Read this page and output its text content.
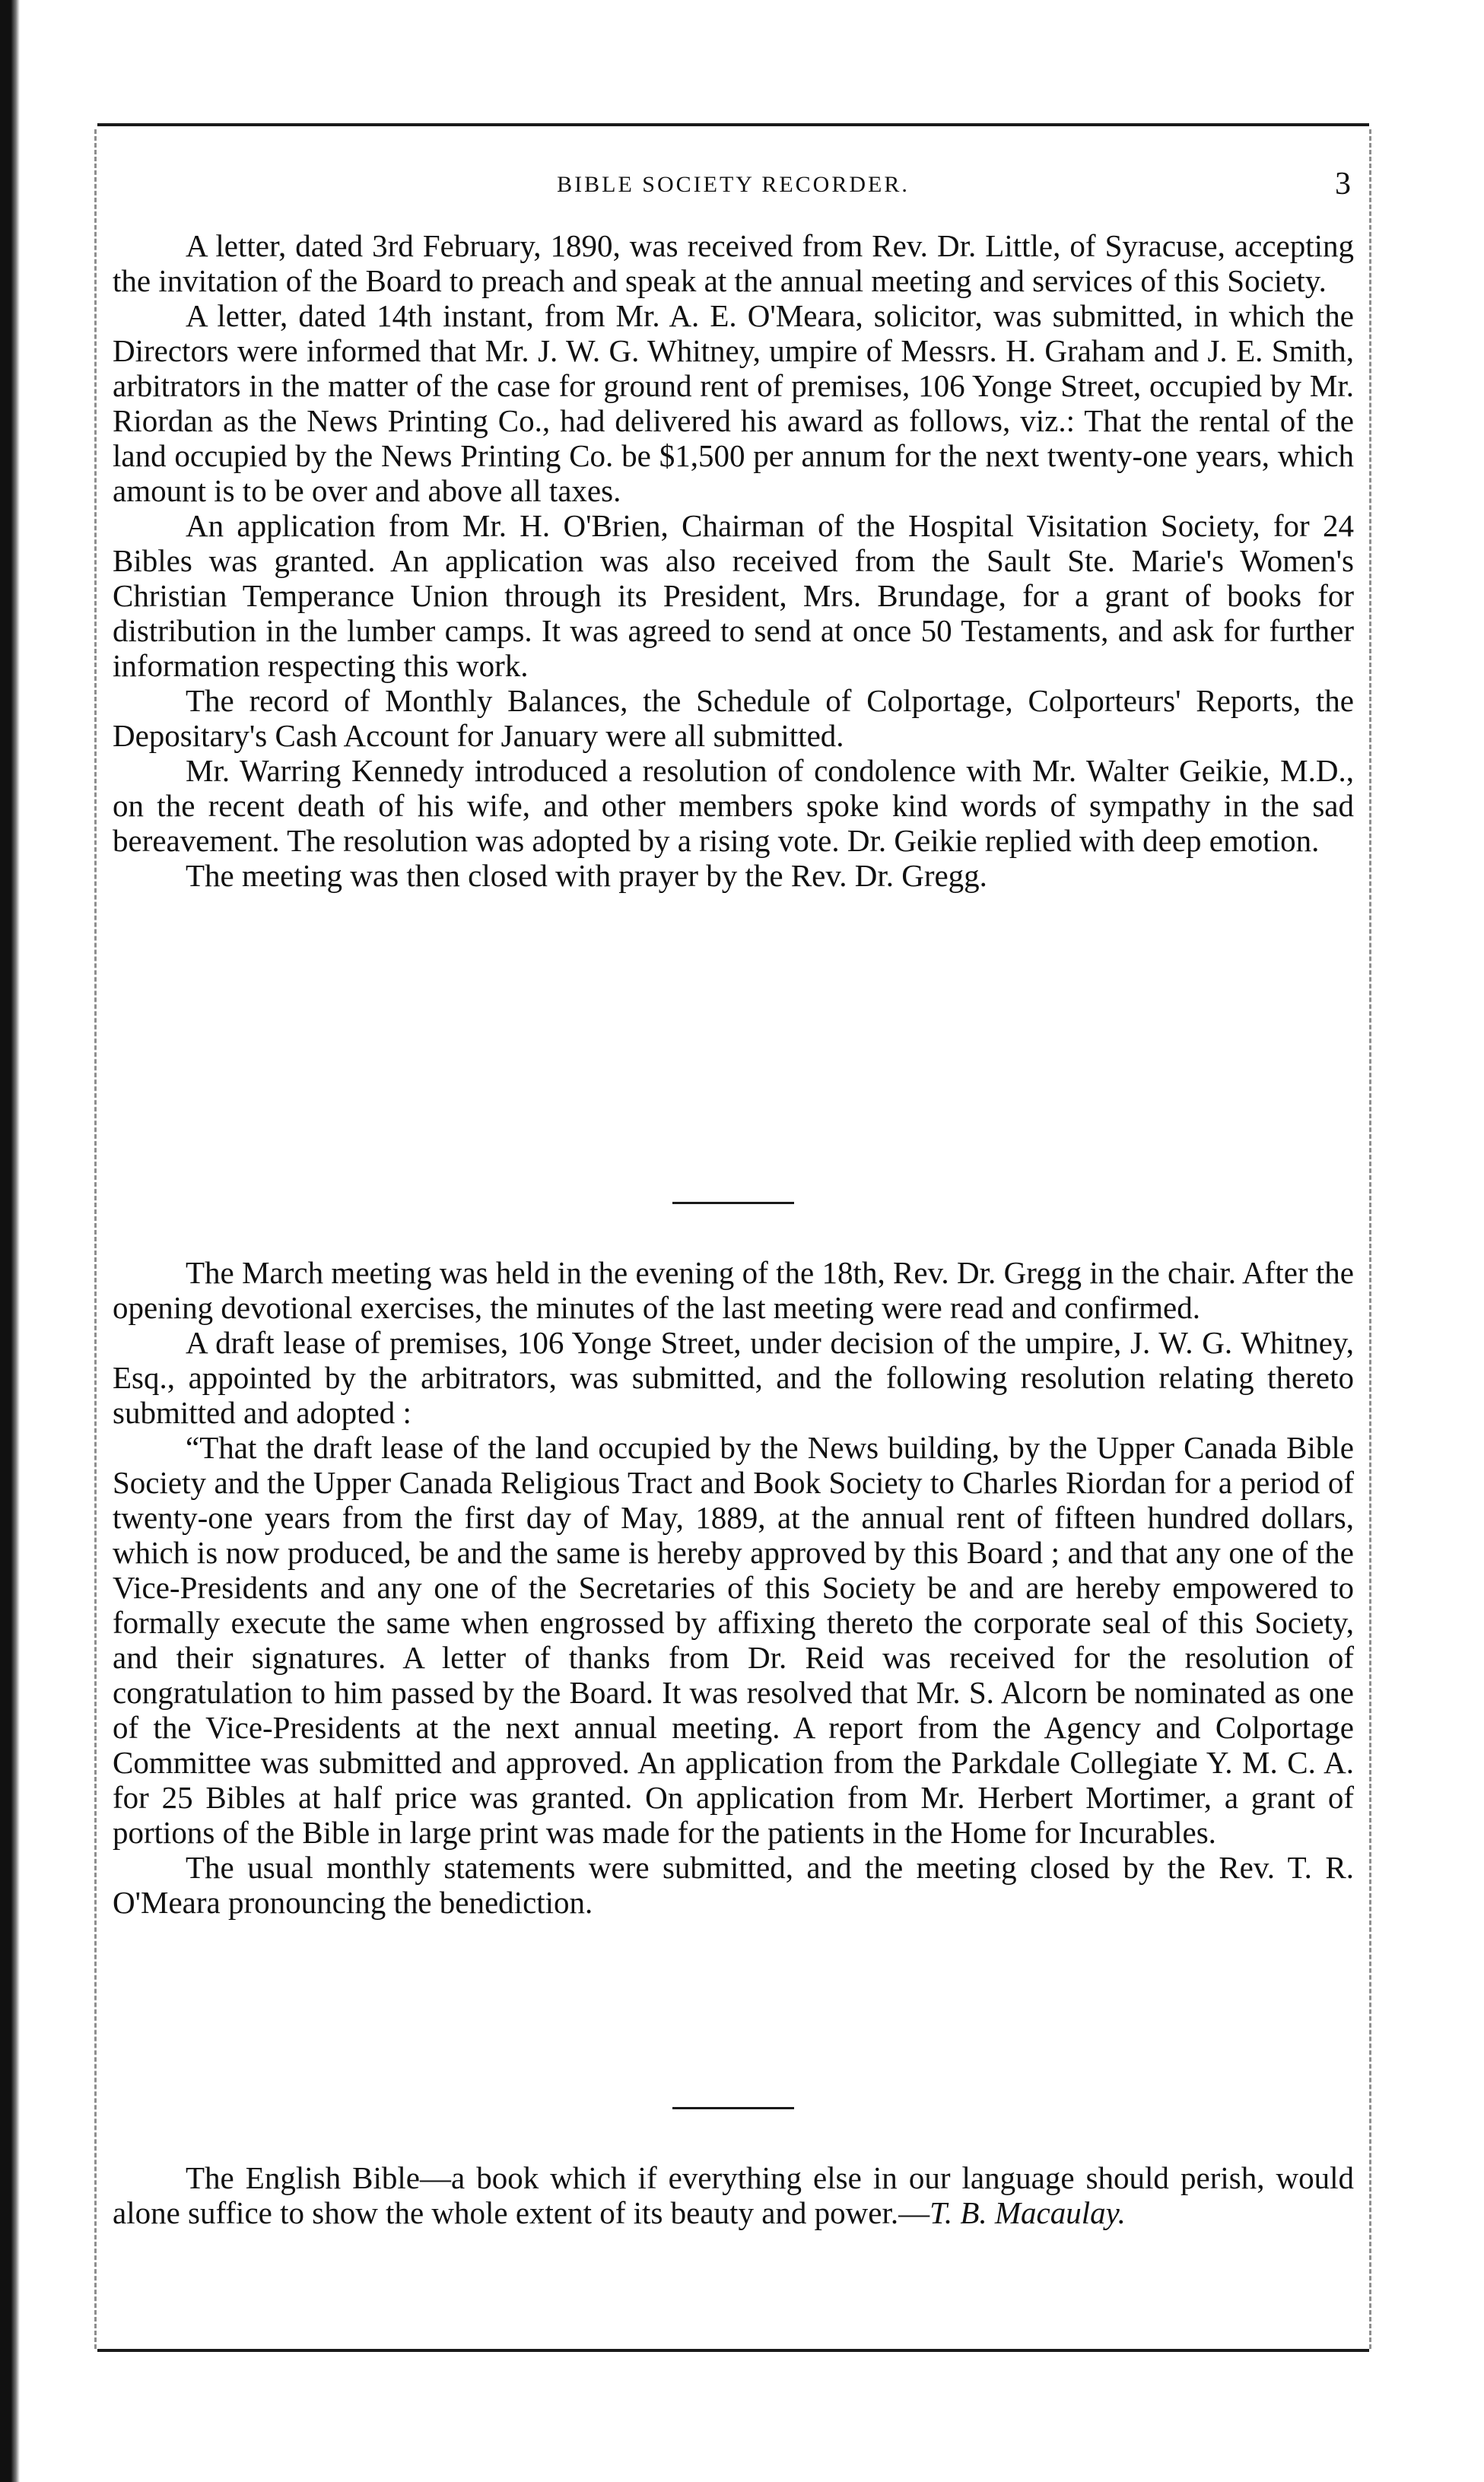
BIBLE SOCIETY RECORDER.	3

A letter, dated 3rd February, 1890, was received from Rev. Dr. Little, of Syracuse, accepting the invitation of the Board to preach and speak at the annual meeting and services of this Society.

A letter, dated 14th instant, from Mr. A. E. O'Meara, solicitor, was submitted, in which the Directors were informed that Mr. J. W. G. Whitney, umpire of Messrs. H. Graham and J. E. Smith, arbitrators in the matter of the case for ground rent of premises, 106 Yonge Street, occupied by Mr. Riordan as the News Printing Co., had delivered his award as follows, viz.: That the rental of the land occupied by the News Printing Co. be $1,500 per annum for the next twenty-one years, which amount is to be over and above all taxes.

An application from Mr. H. O'Brien, Chairman of the Hospital Visitation Society, for 24 Bibles was granted. An application was also received from the Sault Ste. Marie's Women's Christian Temperance Union through its President, Mrs. Brundage, for a grant of books for distribution in the lumber camps. It was agreed to send at once 50 Testaments, and ask for further information respecting this work.

The record of Monthly Balances, the Schedule of Colportage, Colporteurs' Reports, the Depositary's Cash Account for January were all submitted.

Mr. Warring Kennedy introduced a resolution of condolence with Mr. Walter Geikie, M.D., on the recent death of his wife, and other members spoke kind words of sympathy in the sad bereavement. The resolution was adopted by a rising vote. Dr. Geikie replied with deep emotion.

The meeting was then closed with prayer by the Rev. Dr. Gregg.

The March meeting was held in the evening of the 18th, Rev. Dr. Gregg in the chair. After the opening devotional exercises, the minutes of the last meeting were read and confirmed.

A draft lease of premises, 106 Yonge Street, under decision of the umpire, J. W. G. Whitney, Esq., appointed by the arbitrators, was submitted, and the following resolution relating thereto submitted and adopted :

“That the draft lease of the land occupied by the News building, by the Upper Canada Bible Society and the Upper Canada Religious Tract and Book Society to Charles Riordan for a period of twenty-one years from the first day of May, 1889, at the annual rent of fifteen hundred dollars, which is now produced, be and the same is hereby approved by this Board ; and that any one of the Vice-Presidents and any one of the Secretaries of this Society be and are hereby empowered to formally execute the same when engrossed by affixing thereto the corporate seal of this Society, and their signatures. A letter of thanks from Dr. Reid was received for the resolution of congratulation to him passed by the Board. It was resolved that Mr. S. Alcorn be nominated as one of the Vice-Presidents at the next annual meeting. A report from the Agency and Colportage Committee was submitted and approved. An application from the Parkdale Collegiate Y. M. C. A. for 25 Bibles at half price was granted. On application from Mr. Herbert Mortimer, a grant of portions of the Bible in large print was made for the patients in the Home for Incurables.

The usual monthly statements were submitted, and the meeting closed by the Rev. T. R. O'Meara pronouncing the benediction.

The English Bible—a book which if everything else in our language should perish, would alone suffice to show the whole extent of its beauty and power.—T. B. Macaulay.
